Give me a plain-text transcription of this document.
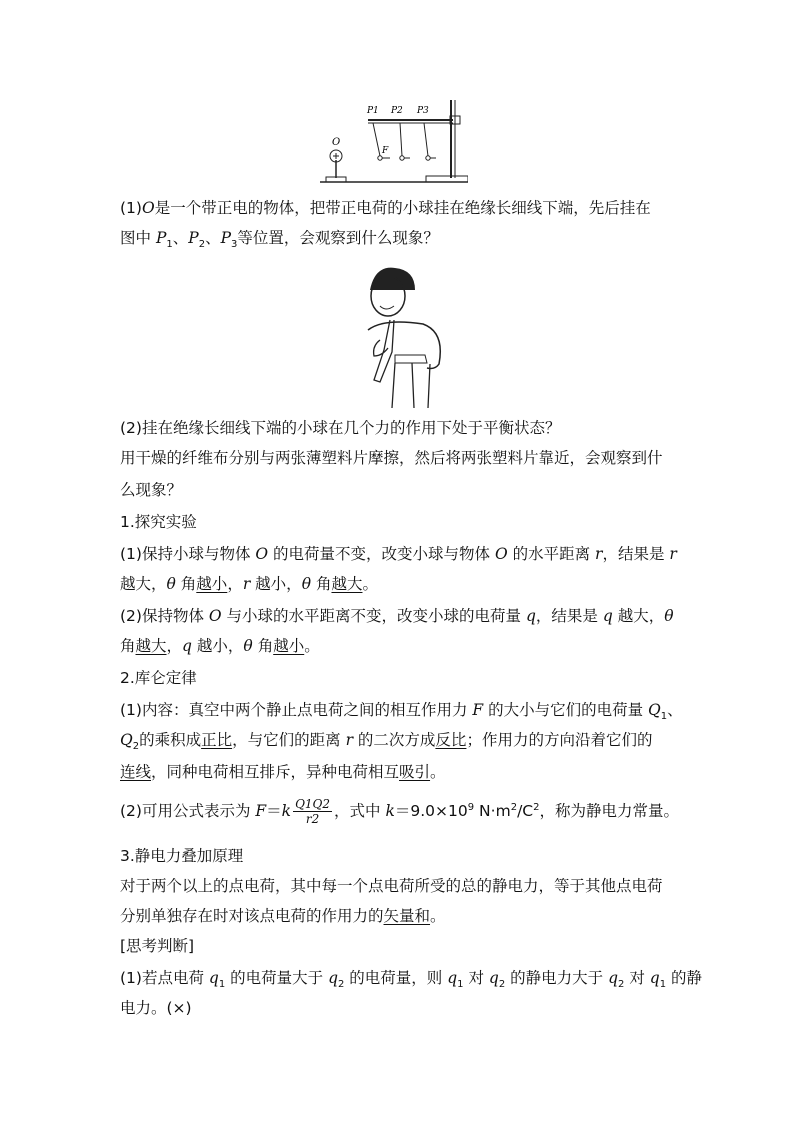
P1 P2 P3
O
F
(1)O是一个带正电的物体，把带正电荷的小球挂在绝缘长细线下端，先后挂在
图中 $P_1$、$P_2$、$P_3$等位置，会观察到什么现象？
(2)挂在绝缘长细线下端的小球在几个力的作用下处于平衡状态？
用干燥的纤维布分别与两张薄塑料片摩擦，然后将两张塑料片靠近，会观察到什
么现象？
1.探究实验
(1)保持小球与物体 O 的电荷量不变，改变小球与物体 O 的水平距离 r，结果是 r
越大，θ 角越小，r 越小，θ 角越大。
(2)保持物体 O 与小球的水平距离不变，改变小球的电荷量 q，结果是 q 越大，θ
角越大，q 越小，θ 角越小。
2.库仑定律
(1)内容：真空中两个静止点电荷之间的相互作用力 F 的大小与它们的电荷量 $Q_1$、
$Q_2$的乘积成正比，与它们的距离 r 的二次方成反比；作用力的方向沿着它们的
连线，同种电荷相互排斥，异种电荷相互吸引。
(2)可用公式表示为 $F=k \frac{Q1Q2}{r2}$ ，式中 $k=9.0\times 10^9$ $N\cdot m^2/C^2$，称为静电力常量。
3.静电力叠加原理
对于两个以上的点电荷，其中每一个点电荷所受的总的静电力，等于其他点电荷
分别单独存在时对该点电荷的作用力的矢量和。
[思考判断]
(1)若点电荷 $q_1$ 的电荷量大于 $q_2$ 的电荷量，则 $q_1$ 对 $q_2$ 的静电力大于 $q_2$ 对 $q_1$ 的静
电力。(×)
